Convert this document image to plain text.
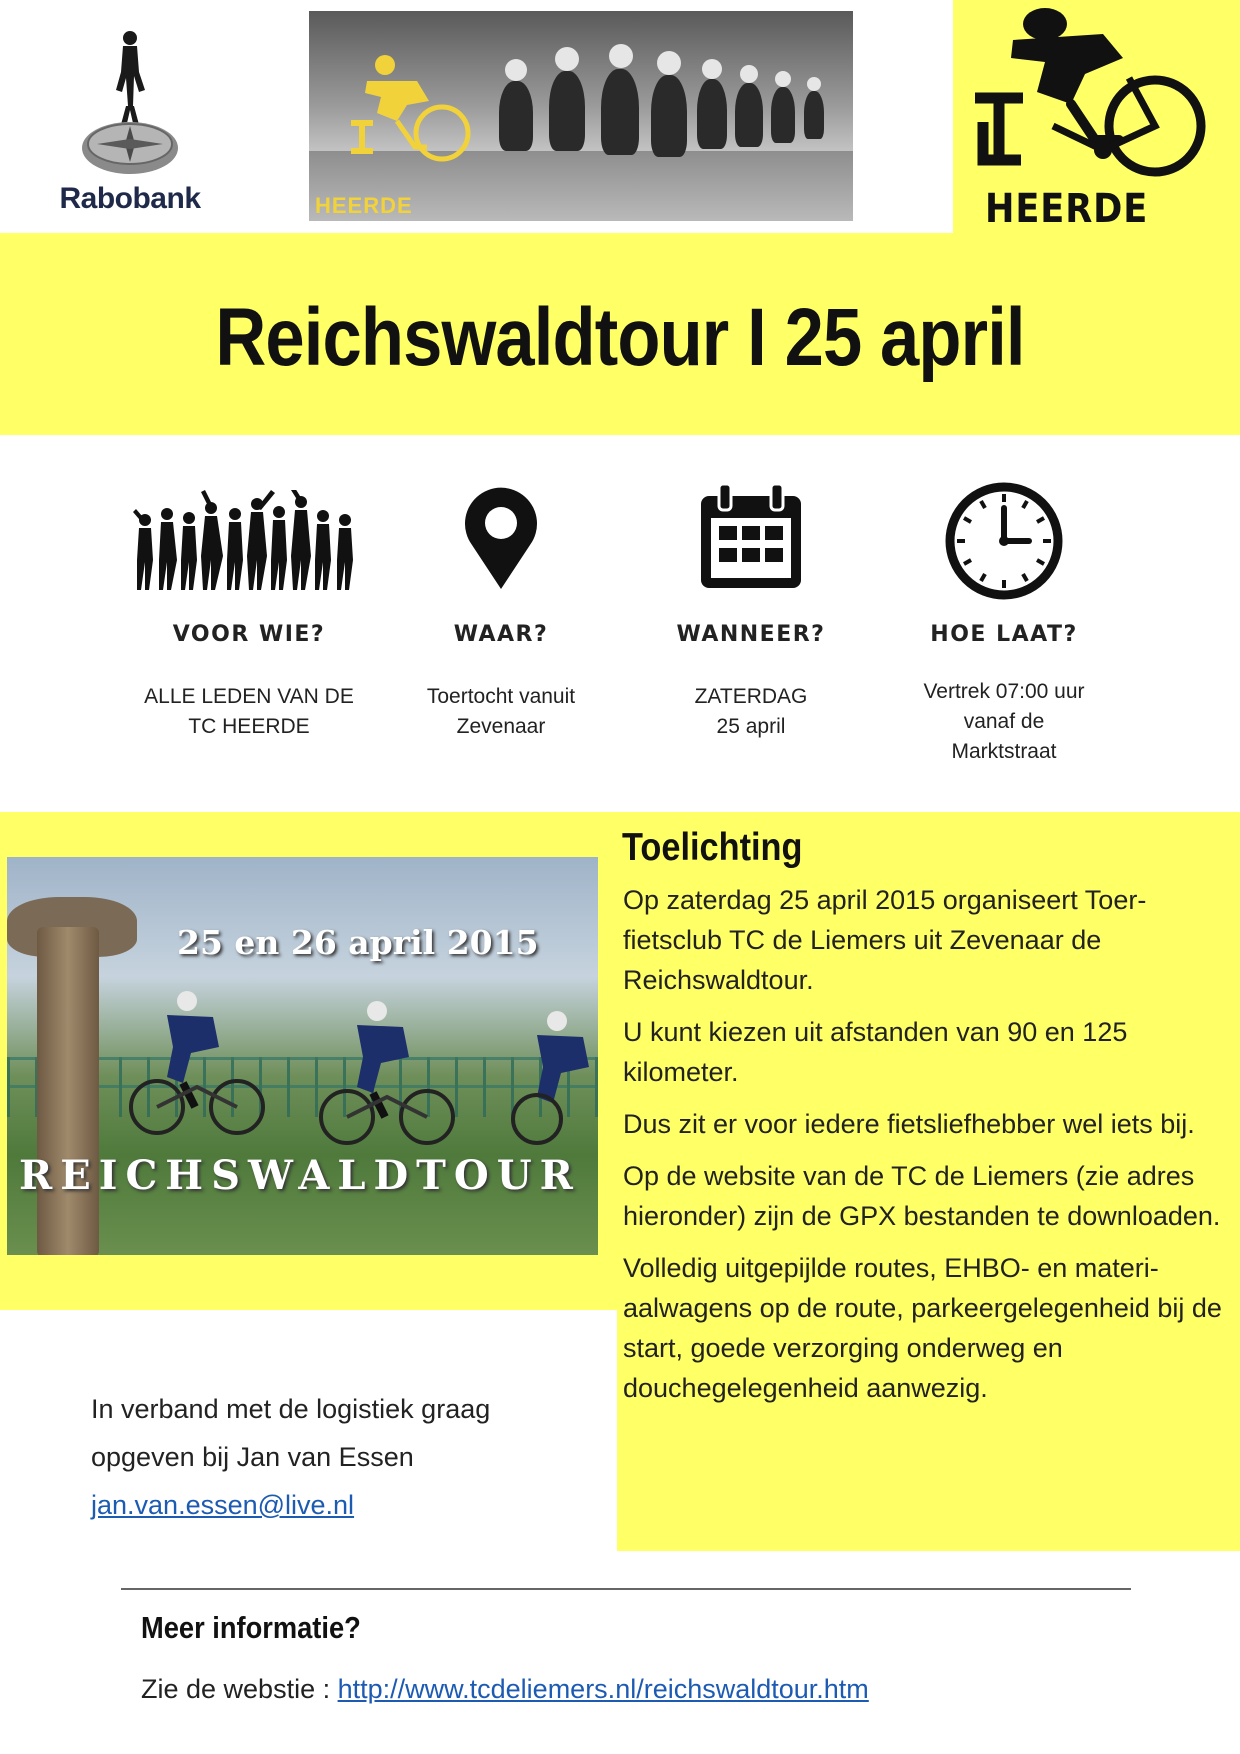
Rabobank	HEERDE	HEERDE
Reichswaldtour I 25 april
VOOR WIE?
ALLE LEDEN VAN DE
TC HEERDE
WAAR?
Toertocht vanuit
Zevenaar
WANNEER?
ZATERDAG
25 april
HOE LAAT?
Vertrek 07:00 uur
vanaf de
Marktstraat
25 en 26 april 2015
REICHSWALDTOUR
Toelichting

Op zaterdag 25 april 2015 organiseert Toer-fietsclub TC de Liemers uit Zevenaar de Reichswaldtour.

U kunt kiezen uit afstanden van 90 en 125 kilometer.

Dus zit er voor iedere fietsliefhebber wel iets bij.

Op de website van de TC de Liemers (zie adres hieronder) zijn de GPX bestanden te downloaden.

Volledig uitgepijlde routes, EHBO- en materi-aalwagens op de route, parkeergelegenheid bij de start, goede verzorging onderweg en douchegelegenheid aanwezig.

In verband met de logistiek graag
opgeven bij Jan van Essen
jan.van.essen@live.nl
Meer informatie?
Zie de webstie : http://www.tcdeliemers.nl/reichswaldtour.htm
